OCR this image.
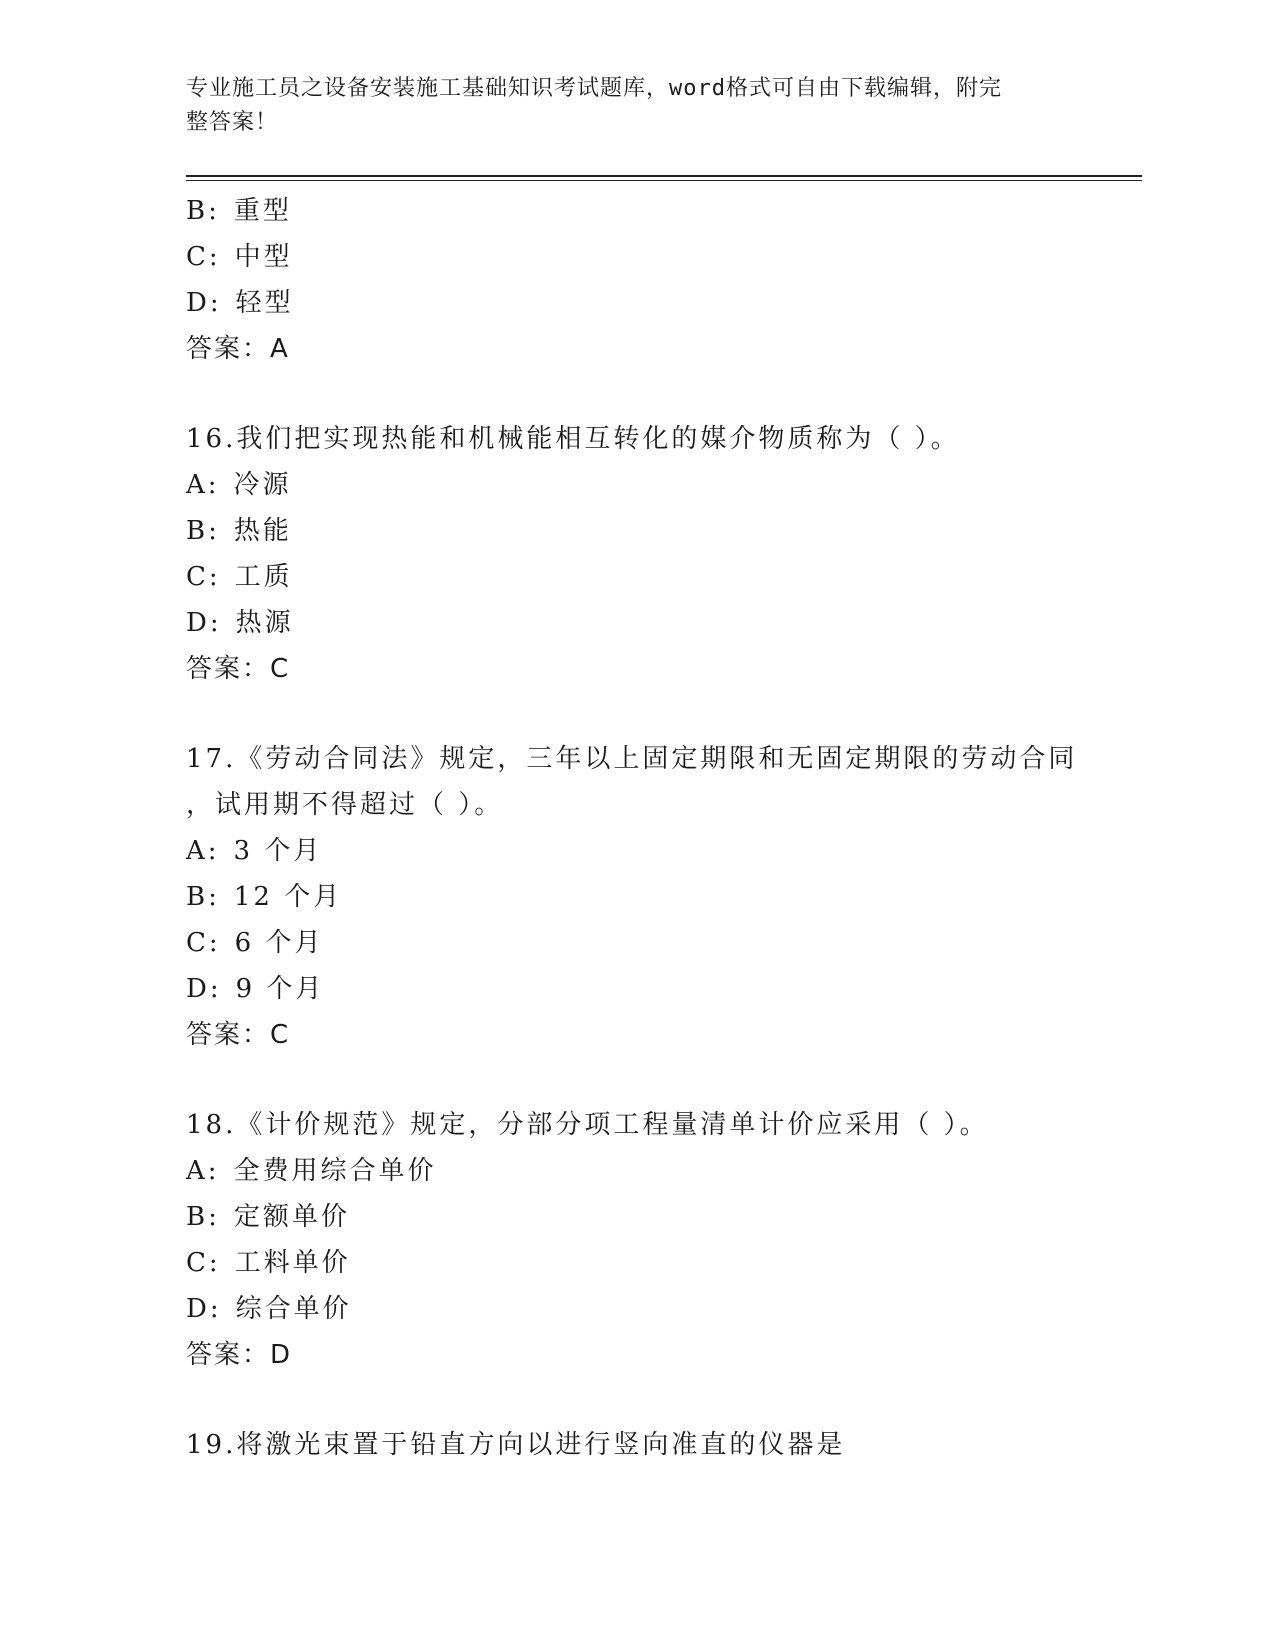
专业施工员之设备安装施工基础知识考试题库，word格式可自由下载编辑，附完
整答案！
B: 重型
C: 中型
D: 轻型
答案：A
16.我们把实现热能和机械能相互转化的媒介物质称为（ ）。
A: 冷源
B: 热能
C: 工质
D: 热源
答案：C
17.《劳动合同法》规定，三年以上固定期限和无固定期限的劳动合同
，试用期不得超过（ ）。
A: 3 个月
B: 12 个月
C: 6 个月
D: 9 个月
答案：C
18.《计价规范》规定，分部分项工程量清单计价应采用（ ）。
A: 全费用综合单价
B: 定额单价
C: 工料单价
D: 综合单价
答案：D
19.将激光束置于铅直方向以进行竖向准直的仪器是
